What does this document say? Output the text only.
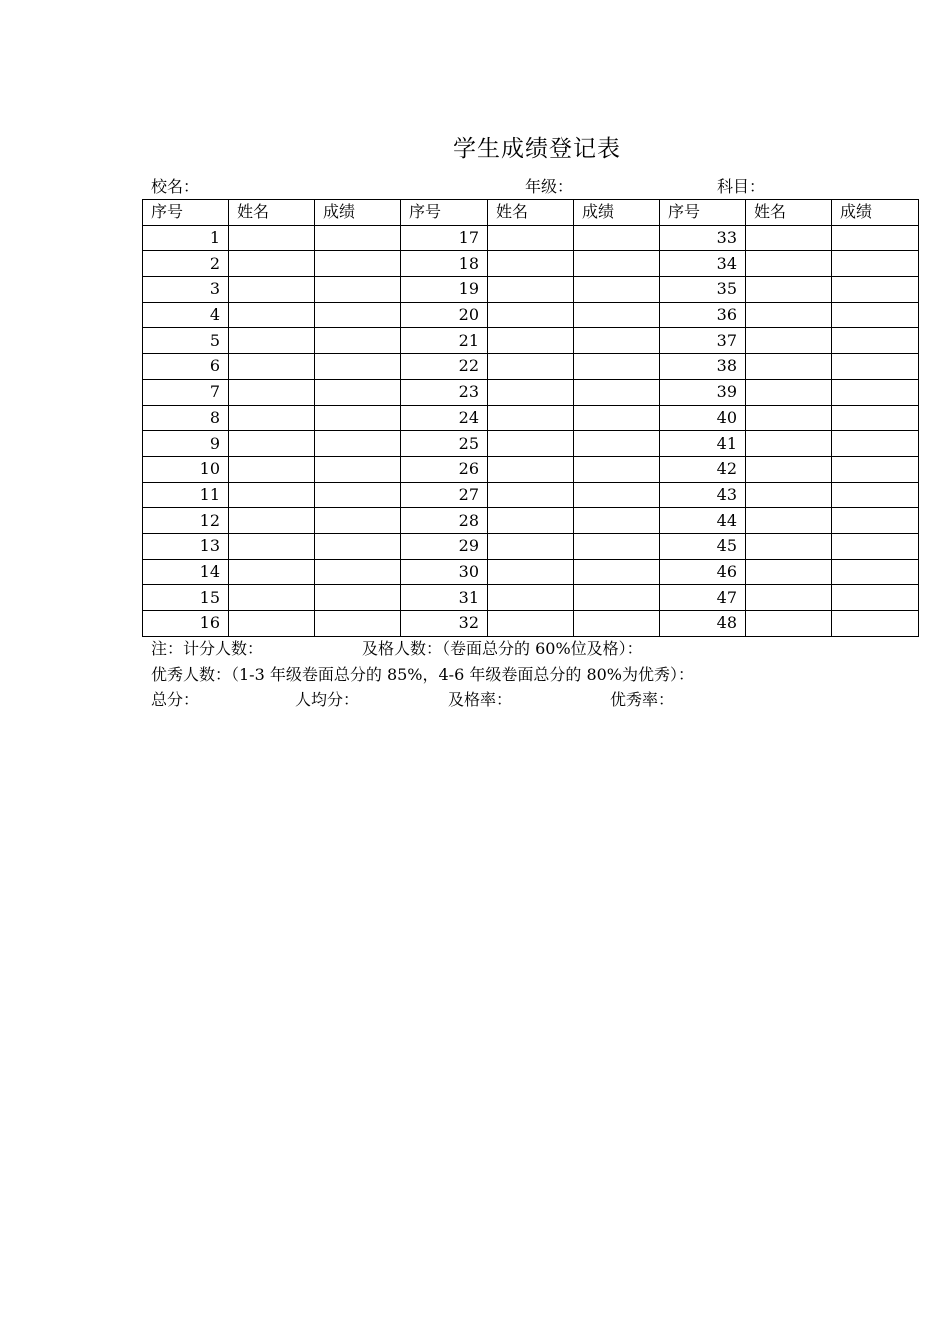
学生成绩登记表
校名：	年级：	科目：
序号	姓名	成绩	序号	姓名	成绩	序号	姓名	成绩
1			17			33		
2			18			34		
3			19			35		
4			20			36		
5			21			37		
6			22			38		
7			23			39		
8			24			40		
9			25			41		
10			26			42		
11			27			43		
12			28			44		
13			29			45		
14			30			46		
15			31			47		
16			32			48		
注：计分人数：	及格人数：（卷面总分的 60%位及格）：
优秀人数：（1-3 年级卷面总分的 85%，4-6 年级卷面总分的 80%为优秀）：
总分：	人均分：	及格率：	优秀率：
